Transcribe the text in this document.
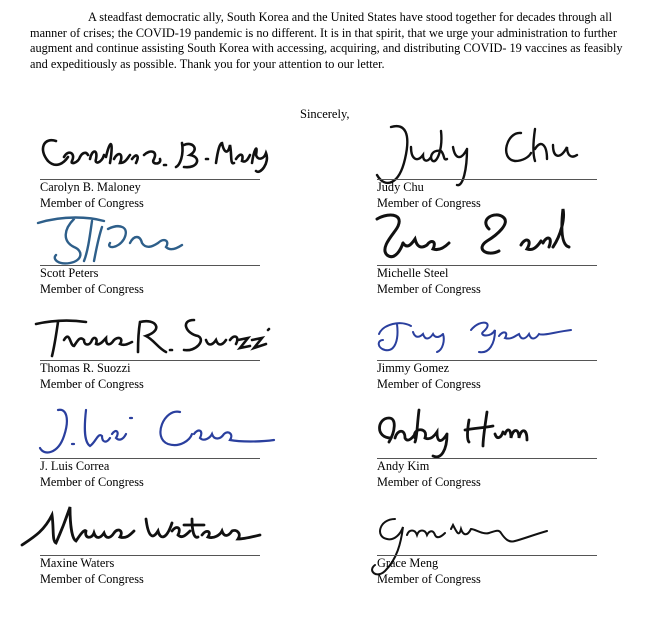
A steadfast democratic ally, South Korea and the United States have stood together for decades through all manner of crises; the COVID-19 pandemic is no different. It is in that spirit, that we urge your administration to further augment and continue assisting South Korea with accessing, acquiring, and distributing COVID- 19 vaccines as feasibly and expeditiously as possible. Thank you for your attention to our letter.

Sincerely,
Carolyn B. Maloney
Member of Congress
Judy Chu
Member of Congress
Scott Peters
Member of Congress
Michelle Steel
Member of Congress
Thomas R. Suozzi
Member of Congress
Jimmy Gomez
Member of Congress
J. Luis Correa
Member of Congress
Andy Kim
Member of Congress
Maxine Waters
Member of Congress
Grace Meng
Member of Congress
